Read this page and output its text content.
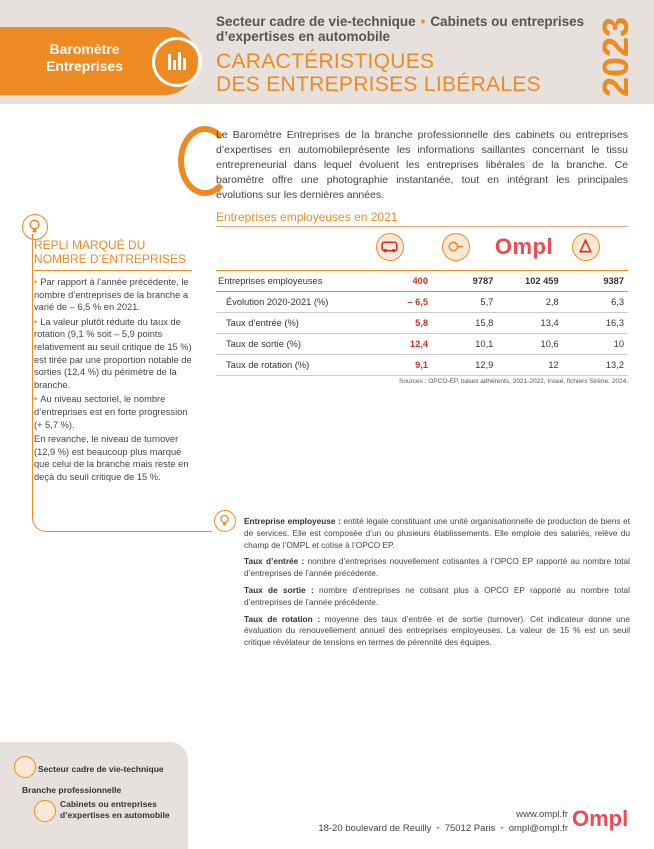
Baromètre
Entreprises
Secteur cadre de vie-technique • Cabinets ou entreprises d’expertises en automobile
CARACTÉRISTIQUES
DES ENTREPRISES LIBÉRALES 2023
Le Baromètre Entreprises de la branche professionnelle des cabinets ou entreprises d’expertises en automobileprésente les informations saillantes concernant le tissu entrepreneurial dans lequel évoluent les entreprises libérales de la branche. Ce baromètre offre une photographie instantanée, tout en intégrant les principales évolutions sur les dernières années.
REPLI MARQUÉ DU NOMBRE D’ENTREPRISES

• Par rapport à l’année précédente, le nombre d’entreprises de la branche a varié de – 6,5 % en 2021.

• La valeur plutôt réduite du taux de rotation (9,1 % soit – 5,9 points relativement au seuil critique de 15 %) est tirée par une proportion notable de sorties (12,4 %) du périmètre de la branche.

• Au niveau sectoriel, le nombre d’entreprises est en forte progression (+ 5,7 %).

En revanche, le niveau de turnover (12,9 %) est beaucoup plus marqué que celui de la branche mais reste en deçà du seuil critique de 15 %.

Entreprises employeuses en 2021
Ompl
Entreprises employeuses	400	9787	102 459	9387
Évolution 2020-2021 (%)	– 6,5	5,7	2,8	6,3
Taux d’entrée (%)	5,8	15,8	13,4	16,3
Taux de sortie (%)	12,4	10,1	10,6	10
Taux de rotation (%)	9,1	12,9	12	13,2
Sources : OPCO-EP, bases adhérents, 2021-2022, Insee, fichiers Sirène, 2024.

Entreprise employeuse : entité légale constituant une unité organisationnelle de production de biens et de services. Elle est composée d’un ou plusieurs établissements. Elle emploie des salariés, relève du champ de l’OMPL et cotise à l’OPCO EP.

Taux d’entrée : nombre d’entreprises nouvellement cotisantes à l’OPCO EP rapporté au nombre total d’entreprises de l’année précédente.

Taux de sortie : nombre d’entreprises ne cotisant plus à OPCO EP rapporté au nombre total d’entreprises de l’année précédente.

Taux de rotation : moyenne des taux d’entrée et de sortie (turnover). Cet indicateur donne une évaluation du renouvellement annuel des entreprises employeuses. La valeur de 15 % est un seuil critique révélateur de tensions en termes de pérennité des équipes.

Secteur cadre de vie-technique
Branche professionnelle
Cabinets ou entreprises
d’expertises en automobile	www.ompl.fr
18-20 boulevard de Reuilly • 75012 Paris • ompl@ompl.fr Ompl
